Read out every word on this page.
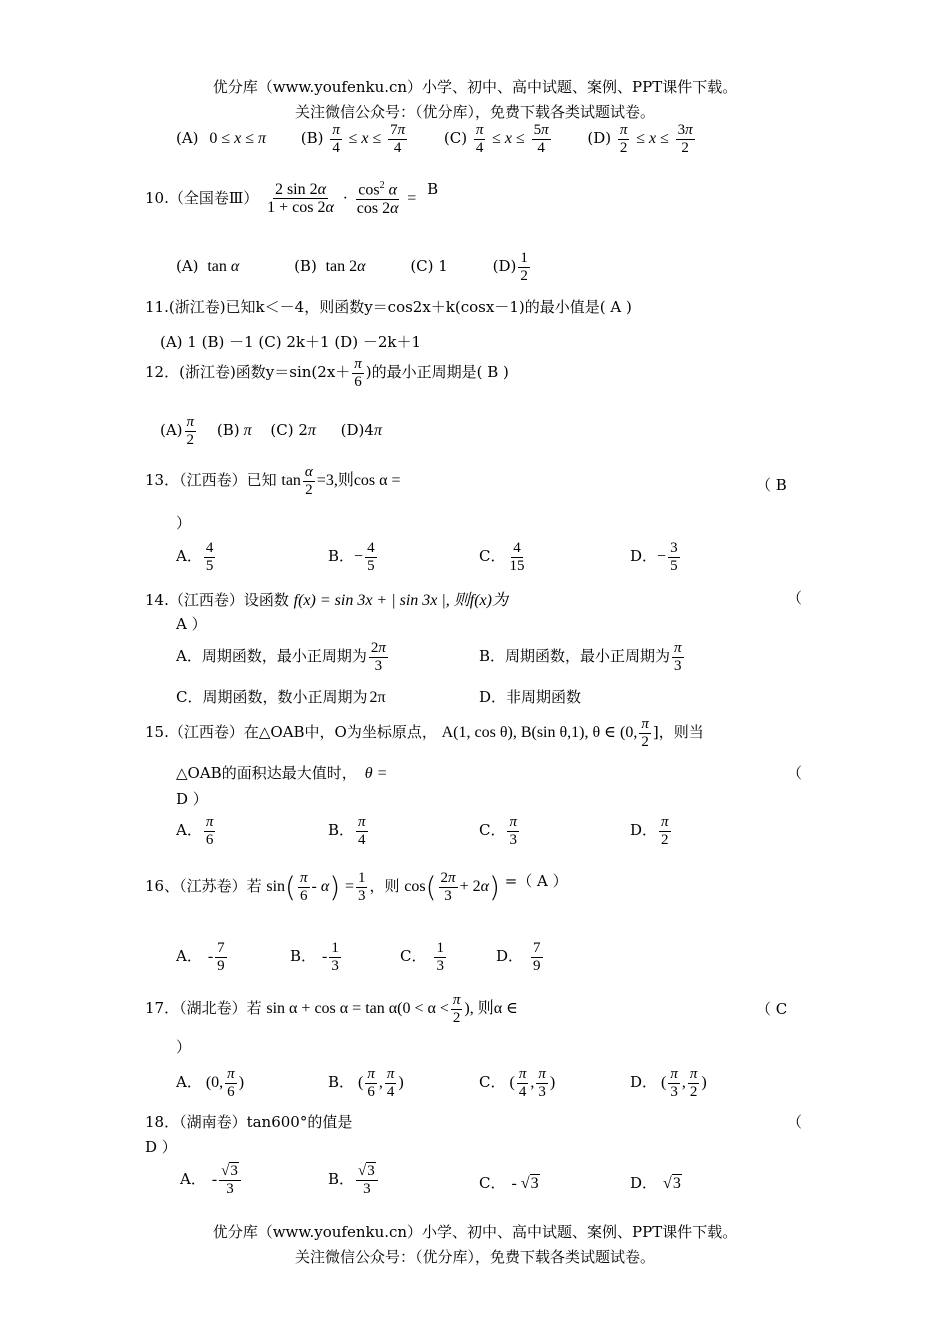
优分库（www.youfenku.cn）小学、初中、高中试题、案例、PPT课件下载。
关注微信公众号：（优分库），免费下载各类试题试卷。
(A) 0 ≤ x ≤ π $(B) \frac{\pi}{4} \le x \le \frac{7\pi}{4} (C) \frac{\pi}{4} \le x \le \frac{5\pi}{4} (D) \frac{\pi}{2} \le x \le \frac{3\pi}{2}$
10.（全国卷Ⅲ） $\frac{2 \sin 2\alpha}{1 + \cos 2\alpha} \cdot \frac{\cos^2 \alpha}{\cos 2\alpha} = B$
(A) tan α	(B) tan 2α	(C) 1	$(D) \frac{1}{2}$
11.(浙江卷)已知k＜－4，则函数y＝cos2x＋k(cosx－1)的最小值是( A )
(A) 1 (B) －1 (C) 2k＋1 (D) －2k＋1
12．(浙江卷)函数$y=\sin(2x+ \frac{\pi}{6}$ )的最小正周期是( B )
$(A) \frac{\pi}{2} (B)$ π (C) 2π (D)4π
13．（江西卷）已知 $\tan \frac{\alpha}{2} =3$,则cos α =	（ B
）
A． $\frac{4}{5}$	B．− $\frac{4}{5}$	C． $\frac{4}{15}$	D．− $\frac{3}{5}$
14.（江西卷）设函数 f(x) = sin 3x + | sin 3x |, 则f(x)为	（
A ）
A．周期函数，最小正周期为 $\frac{2\pi}{3}$	B．周期函数，最小正周期为 $\frac{\pi}{3}$
C．周期函数，数小正周期为 2π	D．非周期函数
15.（江西卷）在△OAB中，O为坐标原点， A(1, cos θ), B(sin θ,1), θ ∈ (0, $\frac{\pi}{2}$ ]，则当
△OAB的面积达最大值时， θ =	（
D ）
A． $\frac{\pi}{6}$	B． $\frac{\pi}{4}$	C． $\frac{\pi}{3}$	D． $\frac{\pi}{2}$
16、（江苏卷）若 $\sin( \frac{\pi}{6} - \alpha) = \frac{1}{3}$ ，则 $\cos( \frac{2\pi}{3} + 2\alpha)$ =（ A ）
A． - $\frac{7}{9}$	B． - $\frac{1}{3}$	C． $\frac{1}{3}$	D． $\frac{7}{9}$
17．（湖北卷）若 $\sin \alpha + \cos \alpha = \tan \alpha(0 < \alpha < \frac{\pi}{2}$ ), 则α ∈	（ C
）
A． (0, $\frac{\pi}{6}$ )	B． ( $\frac{\pi}{6}$ , $\frac{\pi}{4}$ )	C． ( $\frac{\pi}{4}$ , $\frac{\pi}{3}$ )	D． ( $\frac{\pi}{3}$ , $\frac{\pi}{2}$ )
18．（湖南卷）tan600°的值是	（
D ）
A． - $\frac{√3}{3}$	B． $\frac{√3}{3}$	C． - √3	D． √3
优分库（www.youfenku.cn）小学、初中、高中试题、案例、PPT课件下载。
关注微信公众号：（优分库），免费下载各类试题试卷。
